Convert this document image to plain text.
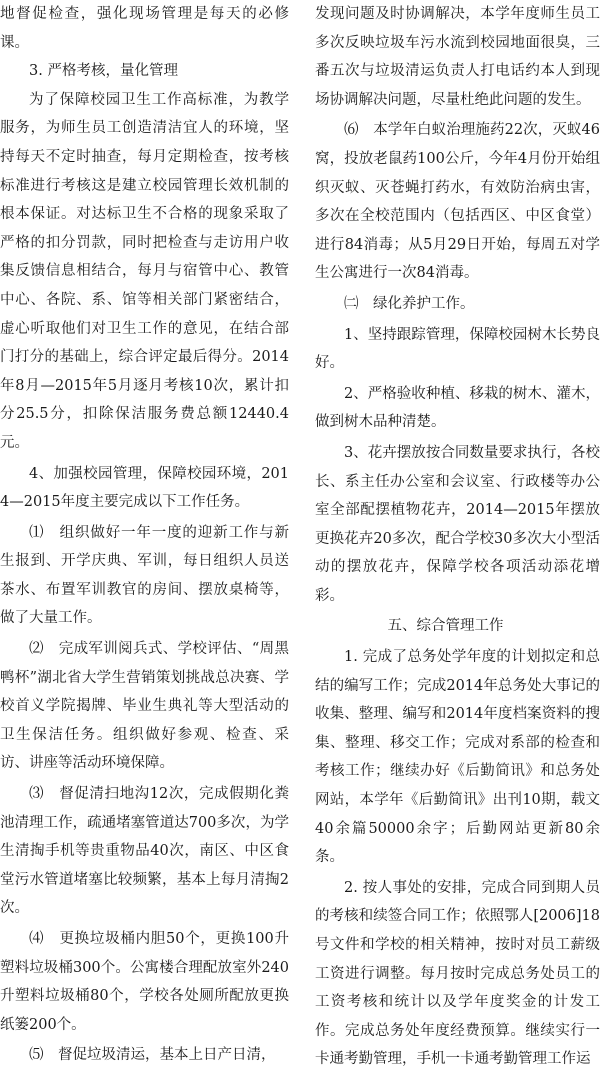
地督促检查，强化现场管理是每天的必修课。

3. 严格考核，量化管理

为了保障校园卫生工作高标准，为教学服务，为师生员工创造清洁宜人的环境，坚持每天不定时抽查，每月定期检查，按考核标准进行考核这是建立校园管理长效机制的根本保证。对达标卫生不合格的现象采取了严格的扣分罚款，同时把检查与走访用户收集反馈信息相结合，每月与宿管中心、教管中心、各院、系、馆等相关部门紧密结合，虚心听取他们对卫生工作的意见，在结合部门打分的基础上，综合评定最后得分。2014年8月—2015年5月逐月考核10次，累计扣分25.5分，扣除保洁服务费总额12440.4元。

4、加强校园管理，保障校园环境，2014—2015年度主要完成以下工作任务。

⑴　组织做好一年一度的迎新工作与新生报到、开学庆典、军训，每日组织人员送茶水、布置军训教官的房间、摆放桌椅等，做了大量工作。

⑵　完成军训阅兵式、学校评估、“周黑鸭杯”湖北省大学生营销策划挑战总决赛、学校首义学院揭牌、毕业生典礼等大型活动的卫生保洁任务。组织做好参观、检查、采访、讲座等活动环境保障。

⑶　督促清扫地沟12次，完成假期化粪池清理工作，疏通堵塞管道达700多次，为学生清掏手机等贵重物品40次，南区、中区食堂污水管道堵塞比较频繁，基本上每月清掏2次。

⑷　更换垃圾桶内胆50个，更换100升塑料垃圾桶300个。公寓楼合理配放室外240升塑料垃圾桶80个，学校各处厕所配放更换纸篓200个。

⑸　督促垃圾清运，基本上日产日清，

发现问题及时协调解决，本学年度师生员工多次反映垃圾车污水流到校园地面很臭，三番五次与垃圾清运负责人打电话约本人到现场协调解决问题，尽量杜绝此问题的发生。

⑹　本学年白蚁治理施药22次，灭蚁46窝，投放老鼠药100公斤，今年4月份开始组织灭蚁、灭苍蝇打药水，有效防治病虫害，多次在全校范围内（包括西区、中区食堂）进行84消毒；从5月29日开始，每周五对学生公寓进行一次84消毒。

㈡　绿化养护工作。

1、坚持跟踪管理，保障校园树木长势良好。

2、严格验收种植、移栽的树木、灌木，做到树木品种清楚。

3、花卉摆放按合同数量要求执行，各校长、系主任办公室和会议室、行政楼等办公室全部配摆植物花卉，2014—2015年摆放更换花卉20多次，配合学校30多次大小型活动的摆放花卉，保障学校各项活动添花增彩。

五、综合管理工作

1. 完成了总务处学年度的计划拟定和总结的编写工作；完成2014年总务处大事记的收集、整理、编写和2014年度档案资料的搜集、整理、移交工作；完成对系部的检查和考核工作；继续办好《后勤简讯》和总务处网站，本学年《后勤简讯》出刊10期，载文40余篇50000余字；后勤网站更新80余条。

2. 按人事处的安排，完成合同到期人员的考核和续签合同工作；依照鄂人[2006]18号文件和学校的相关精神，按时对员工薪级工资进行调整。每月按时完成总务处员工的工资考核和统计以及学年度奖金的计发工作。完成总务处年度经费预算。继续实行一卡通考勤管理，手机一卡通考勤管理工作运
